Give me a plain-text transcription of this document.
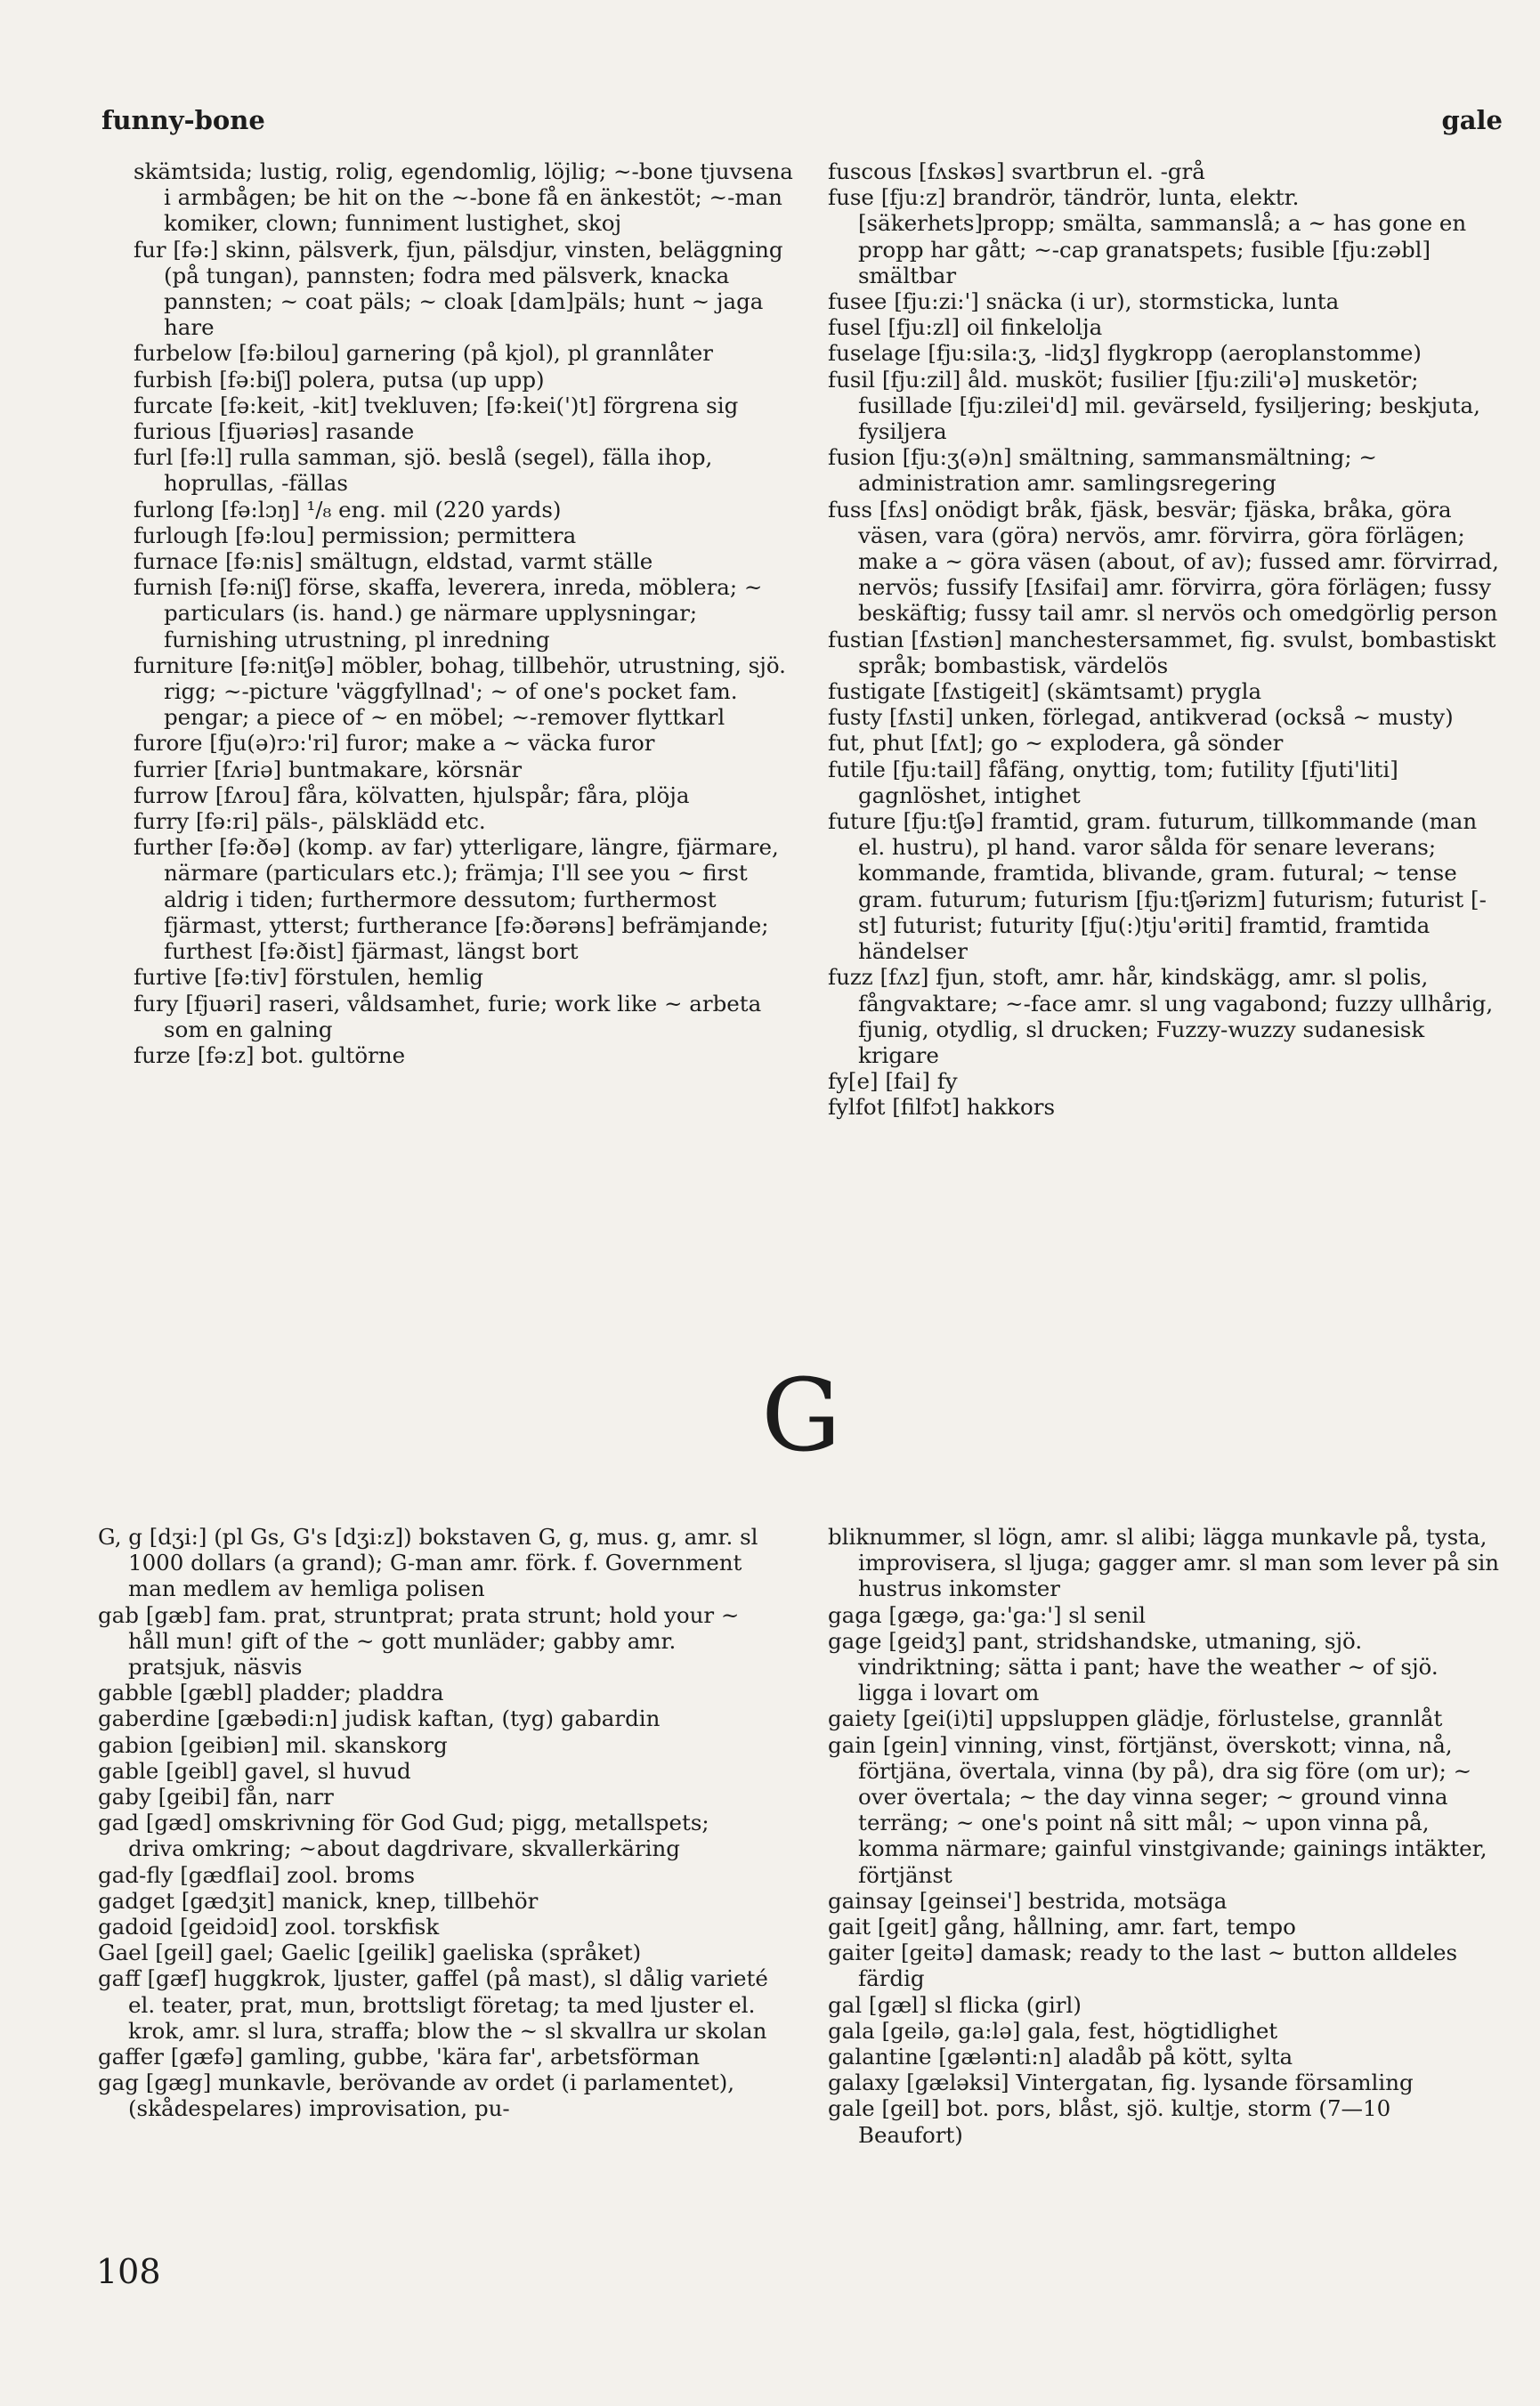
funny-bone	gale

skämtsida; lustig, rolig, egendomlig, löjlig; ~-bone tjuvsena i armbågen; be hit on the ~-bone få en änkestöt; ~-man komiker, clown; funniment lustighet, skoj

fur [fə:] skinn, pälsverk, fjun, pälsdjur, vinsten, beläggning (på tungan), pannsten; fodra med pälsverk, knacka pannsten; ~ coat päls; ~ cloak [dam]päls; hunt ~ jaga hare

furbelow [fə:bilou] garnering (på kjol), pl grannlåter

furbish [fə:biʃ] polera, putsa (up upp)

furcate [fə:keit, -kit] tvekluven; [fə:kei(')t] förgrena sig

furious [fjuəriəs] rasande

furl [fə:l] rulla samman, sjö. beslå (segel), fälla ihop, hoprullas, -fällas

furlong [fə:lɔŋ] ¹/₈ eng. mil (220 yards)

furlough [fə:lou] permission; permittera

furnace [fə:nis] smältugn, eldstad, varmt ställe

furnish [fə:niʃ] förse, skaffa, leverera, inreda, möblera; ~ particulars (is. hand.) ge närmare upplysningar; furnishing utrustning, pl inredning

furniture [fə:nitʃə] möbler, bohag, tillbehör, utrustning, sjö. rigg; ~-picture 'väggfyllnad'; ~ of one's pocket fam. pengar; a piece of ~ en möbel; ~-remover flyttkarl

furore [fju(ə)rɔ:'ri] furor; make a ~ väcka furor

furrier [fʌriə] buntmakare, körsnär

furrow [fʌrou] fåra, kölvatten, hjulspår; fåra, plöja

furry [fə:ri] päls-, pälsklädd etc.

further [fə:ðə] (komp. av far) ytterligare, längre, fjärmare, närmare (particulars etc.); främja; I'll see you ~ first aldrig i tiden; furthermore dessutom; furthermost fjärmast, ytterst; furtherance [fə:ðərəns] befrämjande; furthest [fə:ðist] fjärmast, längst bort

furtive [fə:tiv] förstulen, hemlig

fury [fjuəri] raseri, våldsamhet, furie; work like ~ arbeta som en galning

furze [fə:z] bot. gultörne

fuscous [fʌskəs] svartbrun el. -grå

fuse [fju:z] brandrör, tändrör, lunta, elektr. [säkerhets]propp; smälta, sammanslå; a ~ has gone en propp har gått; ~-cap granatspets; fusible [fju:zəbl] smältbar

fusee [fju:zi:'] snäcka (i ur), stormsticka, lunta

fusel [fju:zl] oil finkelolja

fuselage [fju:sila:ʒ, -lidʒ] flygkropp (aeroplanstomme)

fusil [fju:zil] åld. musköt; fusilier [fju:zili'ə] musketör; fusillade [fju:zilei'd] mil. gevärseld, fysiljering; beskjuta, fysiljera

fusion [fju:ʒ(ə)n] smältning, sammansmältning; ~ administration amr. samlingsregering

fuss [fʌs] onödigt bråk, fjäsk, besvär; fjäska, bråka, göra väsen, vara (göra) nervös, amr. förvirra, göra förlägen; make a ~ göra väsen (about, of av); fussed amr. förvirrad, nervös; fussify [fʌsifai] amr. förvirra, göra förlägen; fussy beskäftig; fussy tail amr. sl nervös och omedgörlig person

fustian [fʌstiən] manchestersammet, fig. svulst, bombastiskt språk; bombastisk, värdelös

fustigate [fʌstigeit] (skämtsamt) prygla

fusty [fʌsti] unken, förlegad, antikverad (också ~ musty)

fut, phut [fʌt]; go ~ explodera, gå sönder

futile [fju:tail] fåfäng, onyttig, tom; futility [fjuti'liti] gagnlöshet, intighet

future [fju:tʃə] framtid, gram. futurum, tillkommande (man el. hustru), pl hand. varor sålda för senare leverans; kommande, framtida, blivande, gram. futural; ~ tense gram. futurum; futurism [fju:tʃərizm] futurism; futurist [-st] futurist; futurity [fju(:)tju'əriti] framtid, framtida händelser

fuzz [fʌz] fjun, stoft, amr. hår, kindskägg, amr. sl polis, fångvaktare; ~-face amr. sl ung vagabond; fuzzy ullhårig, fjunig, otydlig, sl drucken; Fuzzy-wuzzy sudanesisk krigare

fy[e] [fai] fy

fylfot [filfɔt] hakkors

G

G, g [dʒi:] (pl Gs, G's [dʒi:z]) bokstaven G, g, mus. g, amr. sl 1000 dollars (a grand); G-man amr. förk. f. Government man medlem av hemliga polisen

gab [gæb] fam. prat, struntprat; prata strunt; hold your ~ håll mun! gift of the ~ gott munläder; gabby amr. pratsjuk, näsvis

gabble [gæbl] pladder; pladdra

gaberdine [gæbədi:n] judisk kaftan, (tyg) gabardin

gabion [geibiən] mil. skanskorg

gable [geibl] gavel, sl huvud

gaby [geibi] fån, narr

gad [gæd] omskrivning för God Gud; pigg, metallspets; driva omkring; ~about dagdrivare, skvallerkäring

gad-fly [gædflai] zool. broms

gadget [gædʒit] manick, knep, tillbehör

gadoid [geidɔid] zool. torskfisk

Gael [geil] gael; Gaelic [geilik] gaeliska (språket)

gaff [gæf] huggkrok, ljuster, gaffel (på mast), sl dålig varieté el. teater, prat, mun, brottsligt företag; ta med ljuster el. krok, amr. sl lura, straffa; blow the ~ sl skvallra ur skolan

gaffer [gæfə] gamling, gubbe, 'kära far', arbetsförman

gag [gæg] munkavle, berövande av ordet (i parlamentet), (skådespelares) improvisation, pu-

bliknummer, sl lögn, amr. sl alibi; lägga munkavle på, tysta, improvisera, sl ljuga; gagger amr. sl man som lever på sin hustrus inkomster

gaga [gægə, ga:'ga:'] sl senil

gage [geidʒ] pant, stridshandske, utmaning, sjö. vindriktning; sätta i pant; have the weather ~ of sjö. ligga i lovart om

gaiety [gei(i)ti] uppsluppen glädje, förlustelse, grannlåt

gain [gein] vinning, vinst, förtjänst, överskott; vinna, nå, förtjäna, övertala, vinna (by på), dra sig före (om ur); ~ over övertala; ~ the day vinna seger; ~ ground vinna terräng; ~ one's point nå sitt mål; ~ upon vinna på, komma närmare; gainful vinstgivande; gainings intäkter, förtjänst

gainsay [geinsei'] bestrida, motsäga

gait [geit] gång, hållning, amr. fart, tempo

gaiter [geitə] damask; ready to the last ~ button alldeles färdig

gal [gæl] sl flicka (girl)

gala [geilə, ga:lə] gala, fest, högtidlighet

galantine [gælənti:n] aladåb på kött, sylta

galaxy [gæləksi] Vintergatan, fig. lysande församling

gale [geil] bot. pors, blåst, sjö. kultje, storm (7—10 Beaufort)

108
